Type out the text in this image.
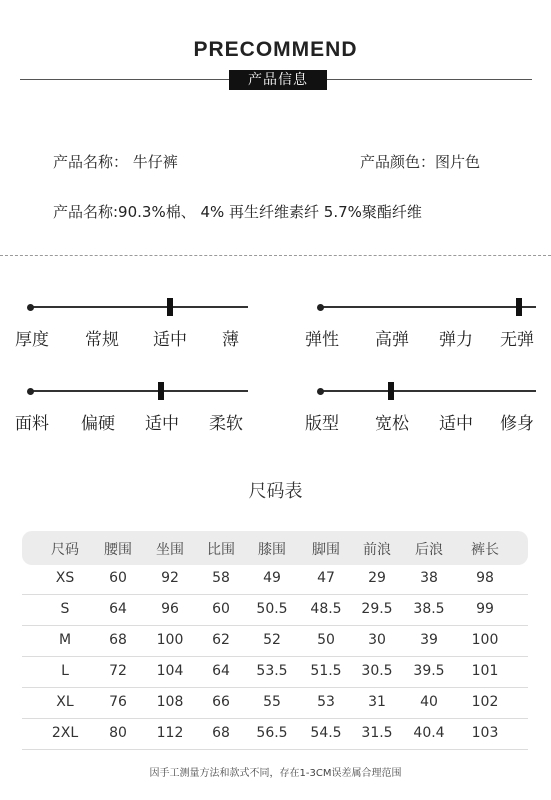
PRECOMMEND
产品信息
产品名称： 牛仔裤	产品颜色：图片色
产品名称:90.3%棉、 4% 再生纤维素纤 5.7%聚酯纤维
厚度 常规 适中 薄	弹性 高弹 弹力 无弹
面料 偏硬 适中 柔软	版型 宽松 适中 修身
尺码表
尺码	腰围	坐围	比围	膝围	脚围	前浪	后浪	裤长
XS	60	92	58	49	47	29	38	98
S	64	96	60	50.5	48.5	29.5	38.5	99
M	68	100	62	52	50	30	39	100
L	72	104	64	53.5	51.5	30.5	39.5	101
XL	76	108	66	55	53	31	40	102
2XL	80	112	68	56.5	54.5	31.5	40.4	103
因手工测量方法和款式不同，存在1-3CM误差属合理范围
